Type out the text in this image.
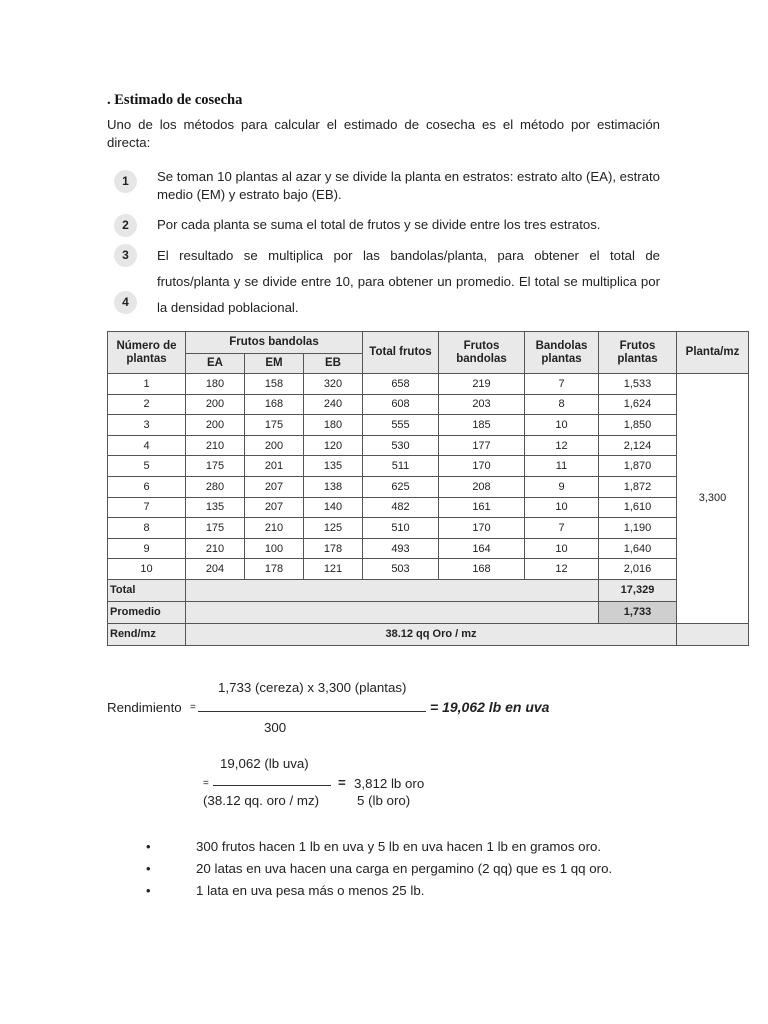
. Estimado de cosecha

Uno de los métodos para calcular el estimado de cosecha es el método por estimación directa:

1	Se toman 10 plantas al azar y se divide la planta en estratos: estrato alto (EA), estrato medio (EM) y estrato bajo (EB).

2	Por cada planta se suma el total de frutos y se divide entre los tres estratos.

3	El resultado se multiplica por las bandolas/planta, para obtener el total de frutos/planta y se divide entre 10, para obtener un promedio. El total se multiplica por la densidad poblacional.

4
Número de plantas	Frutos bandolas			Total frutos	Frutos bandolas	Bandolas plantas	Frutos plantas	Planta/mz
	EA	EM	EB					
1	180	158	320	658	219	7	1,533	3,300
2	200	168	240	608	203	8	1,624	
3	200	175	180	555	185	10	1,850	
4	210	200	120	530	177	12	2,124	
5	175	201	135	511	170	11	1,870	
6	280	207	138	625	208	9	1,872	
7	135	207	140	482	161	10	1,610	
8	175	210	125	510	170	7	1,190	
9	210	100	178	493	164	10	1,640	
10	204	178	121	503	168	12	2,016	
Total							17,329	
Promedio							1,733	
Rend/mz	38.12 qq Oro / mz							
1,733 (cereza) x 3,300 (plantas)
Rendimiento =	= 19,062 lb en uva
300
19,062 (lb uva)
=	= 3,812 lb oro
(38.12 qq. oro / mz)	5 (lb oro)
•	300 frutos hacen 1 lb en uva y 5 lb en uva hacen 1 lb en gramos oro.
•	20 latas en uva hacen una carga en pergamino (2 qq) que es 1 qq oro.
•	1 lata en uva pesa más o menos 25 lb.
